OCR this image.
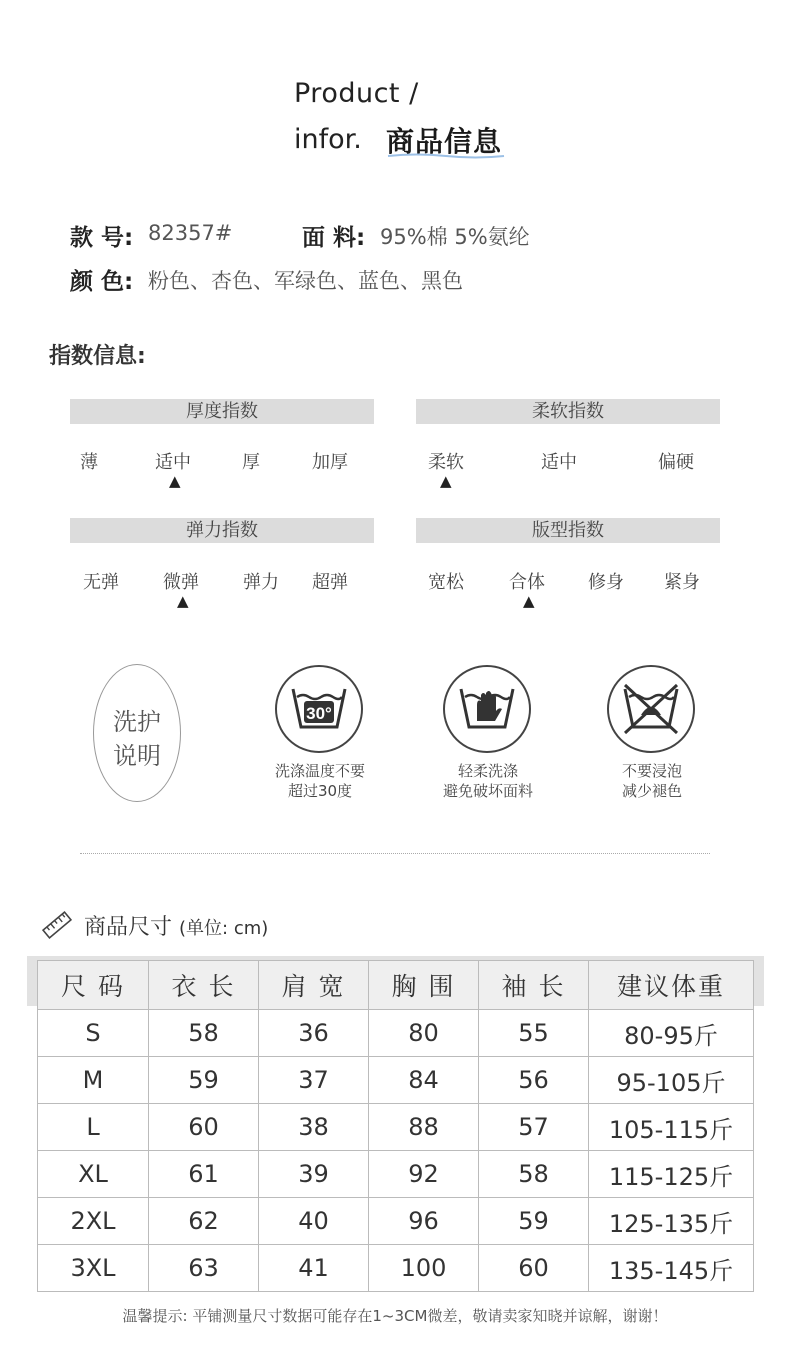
Product /
infor. 商品信息
款 号: 82357#	面 料: 95%棉 5%氨纶
颜 色: 粉色、杏色、军绿色、蓝色、黑色
指数信息:
厚度指数
薄	适中	厚	加厚
▲
柔软指数
柔软	适中	偏硬
▲
弹力指数
无弹 微弹 弹力 超弹
▲
版型指数
宽松	合体 修身 紧身
▲
洗护
说明
30°
洗涤温度不要
超过30度
轻柔洗涤
避免破坏面料
不要浸泡
减少褪色
商品尺寸 (单位: cm)
尺 码	衣 长	肩 宽	胸 围	袖 长	建议体重
S	58	36	80	55	80-95斤
M	59	37	84	56	95-105斤
L	60	38	88	57	105-115斤
XL	61	39	92	58	115-125斤
2XL	62	40	96	59	125-135斤
3XL	63	41	100	60	135-145斤
温馨提示: 平铺测量尺寸数据可能存在1~3CM微差，敬请卖家知晓并谅解，谢谢！
